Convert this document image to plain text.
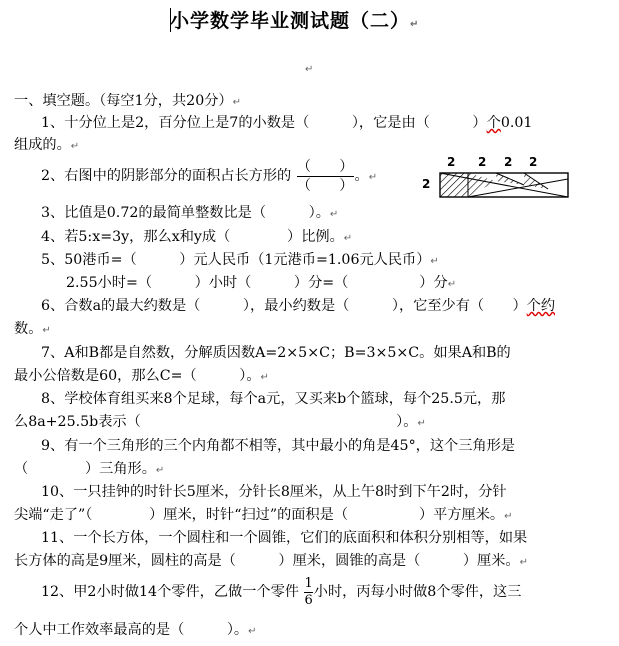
小学数学毕业测试题（二）↵
↵
一、填空题。（每空1分，共20分）↵
1、十分位上是2，百分位上是7的小数是（　　　），它是由（　　　）个0.01
组成的。↵
2、右图中的阴影部分的面积占长方形的 $\frac{( )}{( )}$ 。↵
2 2 2 2
2
3、比值是0.72的最简单整数比是（　　　）。↵
4、若5:x=3y，那么x和y成（　　　　）比例。↵
5、50港币=（　　　）元人民币（1元港币=1.06元人民币）↵
2.55小时=（　　　）小时（　　　）分=（　　　　　）分↵
6、合数a的最大约数是（　　　），最小约数是（　　　），它至少有（　　）个约
数。↵
7、A和B都是自然数，分解质因数A=2×5×C；B=3×5×C。如果A和B的
最小公倍数是60，那么C=（　　　）。↵
8、学校体育组买来8个足球，每个a元，又买来b个篮球，每个25.5元，那
么8a+25.5b表示（　　　　　　　　　　　　　　　　　　）。↵
9、有一个三角形的三个内角都不相等，其中最小的角是45°，这个三角形是
（　　　　）三角形。↵
10、一只挂钟的时针长5厘米，分针长8厘米，从上午8时到下午2时，分针
尖端“走了”（　　　　）厘米，时针“扫过”的面积是（　　　　　）平方厘米。↵
11、一个长方体，一个圆柱和一个圆锥，它们的底面积和体积分别相等，如果
长方体的高是9厘米，圆柱的高是（　　　）厘米，圆锥的高是（　　　）厘米。↵
12、甲2小时做14个零件，乙做一个零件 $\frac{1}{6}$ 小时，丙每小时做8个零件，这三
个人中工作效率最高的是（　　　）。↵
